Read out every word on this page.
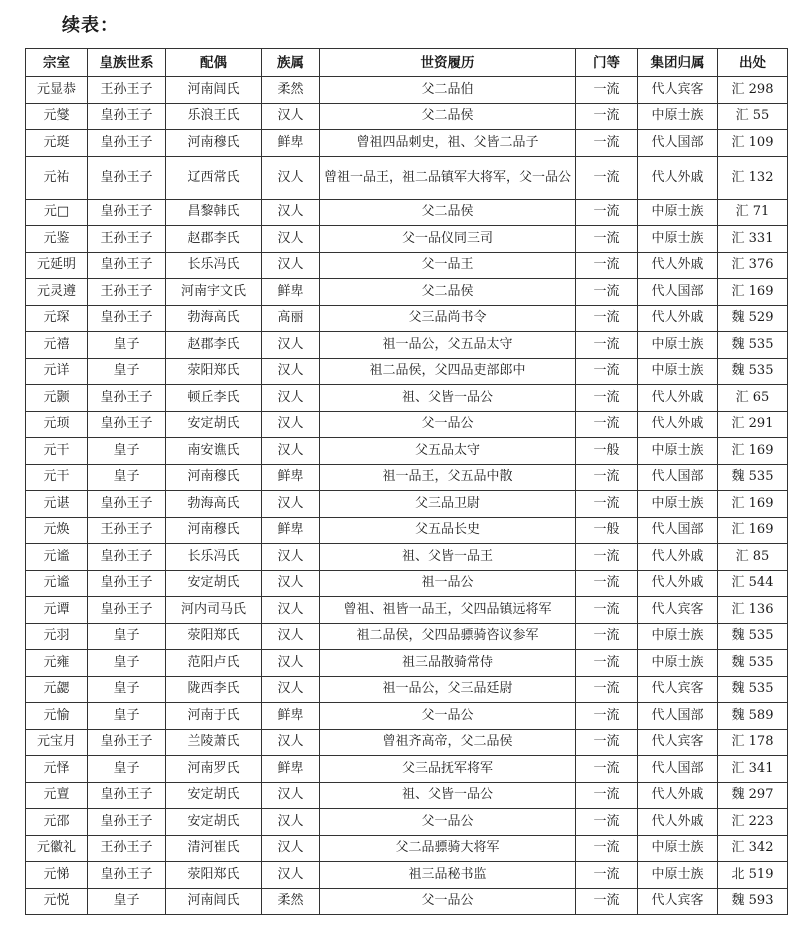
续表：
宗室	皇族世系	配偶	族属	世资履历	门等	集团归属	出处
元显恭	王孙王子	河南闾氏	柔然	父二品伯	一流	代人宾客	汇 298
元燮	皇孙王子	乐浪王氏	汉人	父二品侯	一流	中原士族	汇 55
元珽	皇孙王子	河南穆氏	鲜卑	曾祖四品刺史，祖、父皆二品子	一流	代人国部	汇 109
元祐	皇孙王子	辽西常氏	汉人	曾祖一品王，祖二品镇军大将军，父一品公	一流	代人外戚	汇 132
元□	皇孙王子	昌黎韩氏	汉人	父二品侯	一流	中原士族	汇 71
元鉴	王孙王子	赵郡李氏	汉人	父一品仪同三司	一流	中原士族	汇 331
元延明	皇孙王子	长乐冯氏	汉人	父一品王	一流	代人外戚	汇 376
元灵遵	王孙王子	河南宇文氏	鲜卑	父二品侯	一流	代人国部	汇 169
元琛	皇孙王子	勃海高氏	高丽	父三品尚书令	一流	代人外戚	魏 529
元禧	皇子	赵郡李氏	汉人	祖一品公，父五品太守	一流	中原士族	魏 535
元详	皇子	荥阳郑氏	汉人	祖二品侯，父四品吏部郎中	一流	中原士族	魏 535
元颢	皇孙王子	顿丘李氏	汉人	祖、父皆一品公	一流	代人外戚	汇 65
元顼	皇孙王子	安定胡氏	汉人	父一品公	一流	代人外戚	汇 291
元干	皇子	南安谯氏	汉人	父五品太守	一般	中原士族	汇 169
元干	皇子	河南穆氏	鲜卑	祖一品王，父五品中散	一流	代人国部	魏 535
元谌	皇孙王子	勃海高氏	汉人	父三品卫尉	一流	中原士族	汇 169
元焕	王孙王子	河南穆氏	鲜卑	父五品长史	一般	代人国部	汇 169
元谧	皇孙王子	长乐冯氏	汉人	祖、父皆一品王	一流	代人外戚	汇 85
元谧	皇孙王子	安定胡氏	汉人	祖一品公	一流	代人外戚	汇 544
元谭	皇孙王子	河内司马氏	汉人	曾祖、祖皆一品王，父四品镇远将军	一流	代人宾客	汇 136
元羽	皇子	荥阳郑氏	汉人	祖二品侯，父四品骠骑咨议参军	一流	中原士族	魏 535
元雍	皇子	范阳卢氏	汉人	祖三品散骑常侍	一流	中原士族	魏 535
元勰	皇子	陇西李氏	汉人	祖一品公，父三品廷尉	一流	代人宾客	魏 535
元愉	皇子	河南于氏	鲜卑	父一品公	一流	代人国部	魏 589
元宝月	皇孙王子	兰陵萧氏	汉人	曾祖齐高帝，父二品侯	一流	代人宾客	汇 178
元怿	皇子	河南罗氏	鲜卑	父三品抚军将军	一流	代人国部	汇 341
元亶	皇孙王子	安定胡氏	汉人	祖、父皆一品公	一流	代人外戚	魏 297
元邵	皇孙王子	安定胡氏	汉人	父一品公	一流	代人外戚	汇 223
元徽礼	王孙王子	清河崔氏	汉人	父二品骠骑大将军	一流	中原士族	汇 342
元悌	皇孙王子	荥阳郑氏	汉人	祖三品秘书监	一流	中原士族	北 519
元悦	皇子	河南闾氏	柔然	父一品公	一流	代人宾客	魏 593
